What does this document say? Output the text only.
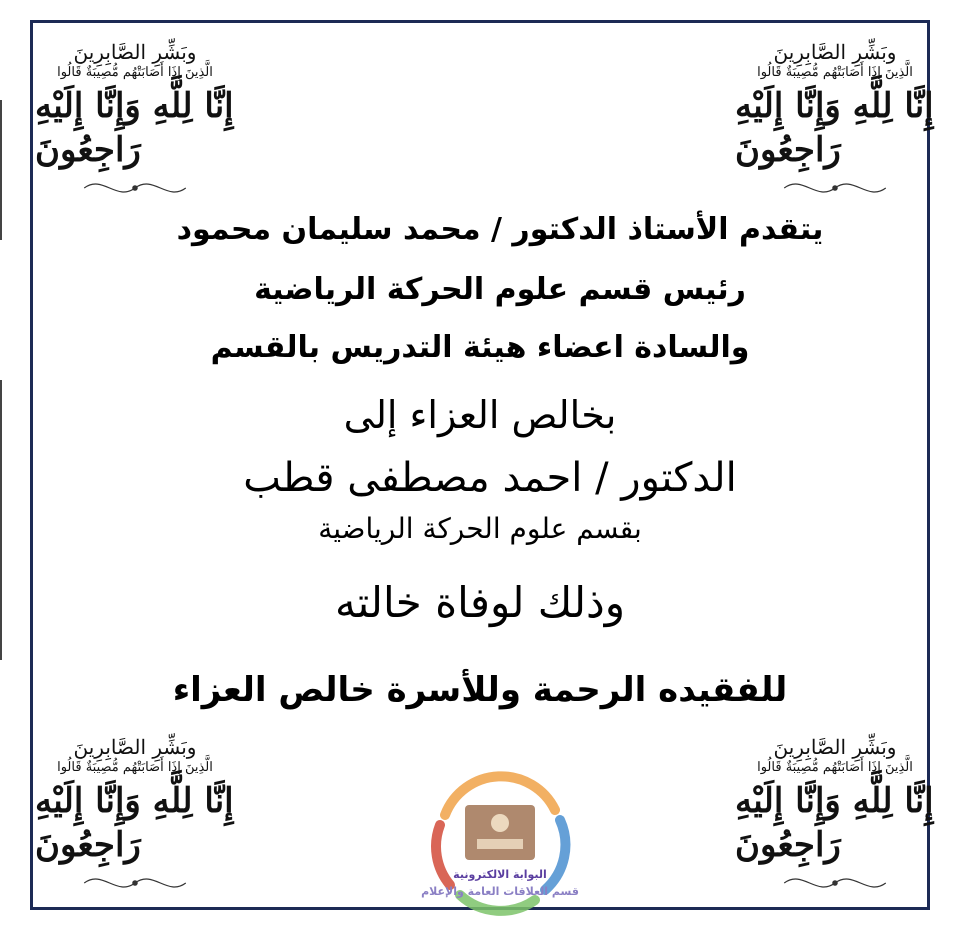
وبَشِّرِ الصَّابِرِينَ
الَّذِينَ إِذَا أَصَابَتْهُم مُّصِيبَةٌ قَالُوا
إِنَّا لِلَّهِ وَإِنَّا إِلَيْهِ رَاجِعُونَ
وبَشِّرِ الصَّابِرِينَ
الَّذِينَ إِذَا أَصَابَتْهُم مُّصِيبَةٌ قَالُوا
إِنَّا لِلَّهِ وَإِنَّا إِلَيْهِ رَاجِعُونَ
وبَشِّرِ الصَّابِرِينَ
الَّذِينَ إِذَا أَصَابَتْهُم مُّصِيبَةٌ قَالُوا
إِنَّا لِلَّهِ وَإِنَّا إِلَيْهِ رَاجِعُونَ
وبَشِّرِ الصَّابِرِينَ
الَّذِينَ إِذَا أَصَابَتْهُم مُّصِيبَةٌ قَالُوا
إِنَّا لِلَّهِ وَإِنَّا إِلَيْهِ رَاجِعُونَ
يتقدم الأستاذ الدكتور / محمد سليمان محمود
رئيس قسم علوم الحركة الرياضية
والسادة اعضاء هيئة التدريس بالقسم
بخالص العزاء إلى
الدكتور / احمد مصطفى قطب
بقسم علوم الحركة الرياضية
وذلك لوفاة خالته
للفقيده الرحمة وللأسرة خالص العزاء
البوابة الالكترونية
قسم العلاقات العامة والإعلام
